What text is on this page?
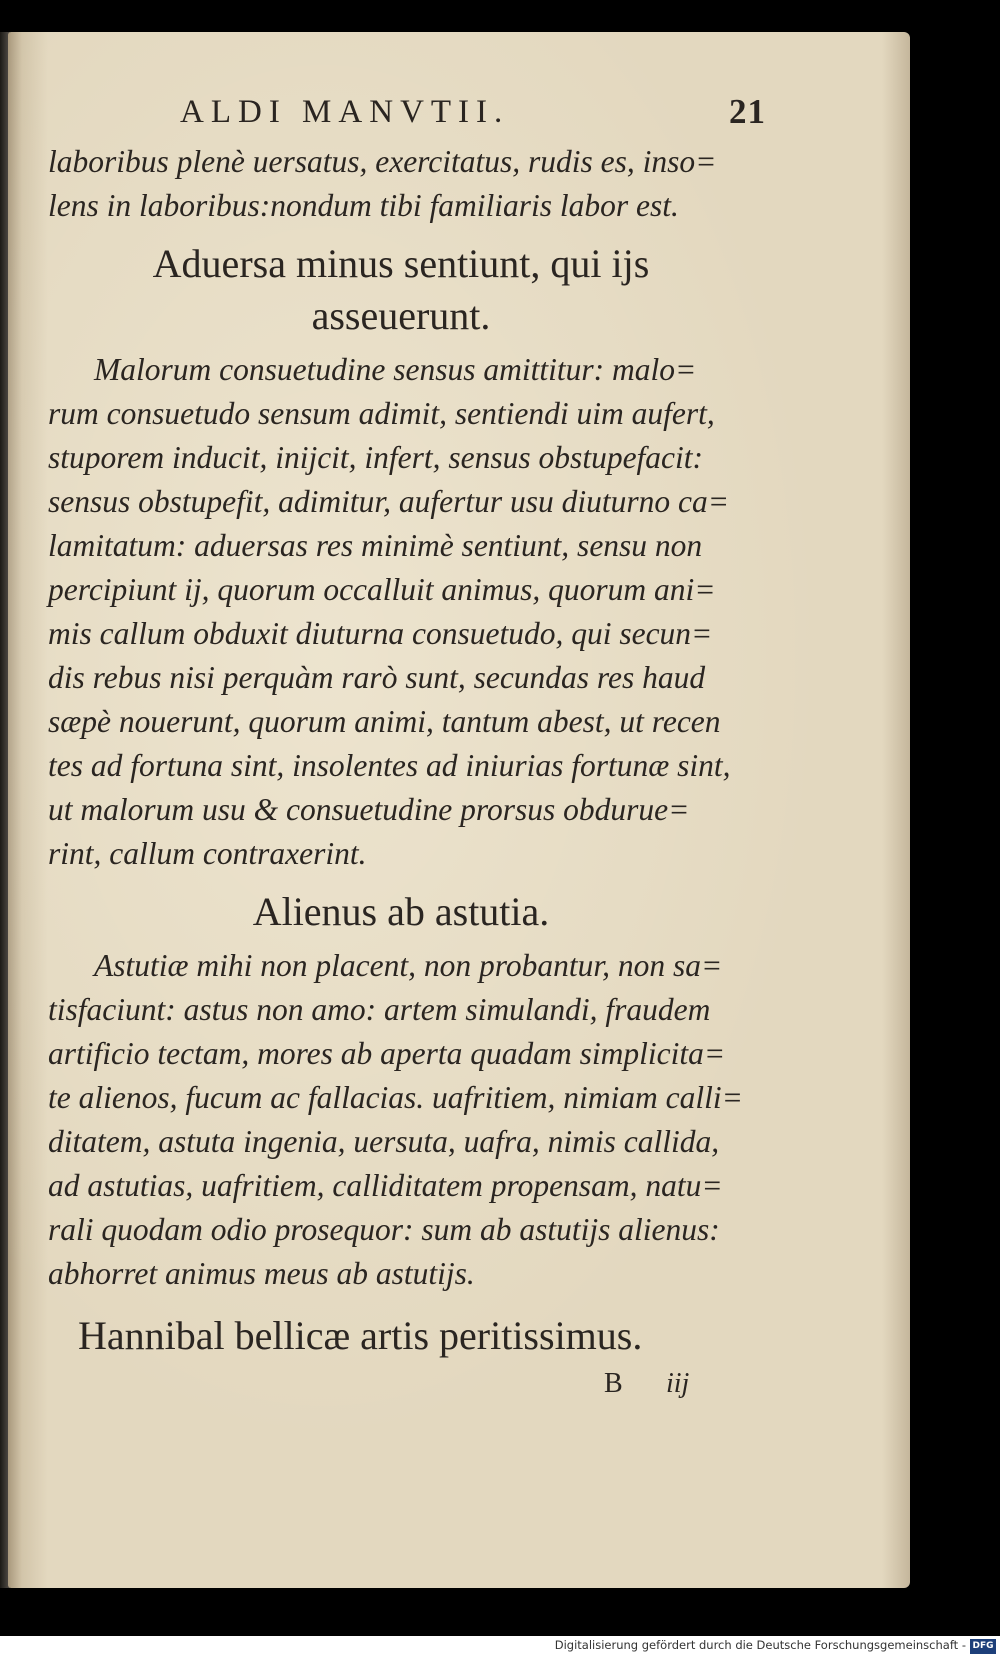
ALDI MANVTII.	21

laboribus plenè uersatus, exercitatus, rudis es, inso=
lens in laboribus:nondum tibi familiaris labor est.

Aduersa minus sentiunt, qui ijs
asseuerunt.

Malorum consuetudine sensus amittitur: malo=
rum consuetudo sensum adimit, sentiendi uim aufert,
stuporem inducit, inijcit, infert, sensus obstupefacit:
sensus obstupefit, adimitur, aufertur usu diuturno ca=
lamitatum: aduersas res minimè sentiunt, sensu non
percipiunt ij, quorum occalluit animus, quorum ani=
mis callum obduxit diuturna consuetudo, qui secun=
dis rebus nisi perquàm rarò sunt, secundas res haud
sæpè nouerunt, quorum animi, tantum abest, ut recen
tes ad fortuna sint, insolentes ad iniurias fortunæ sint,
ut malorum usu & consuetudine prorsus obdurue=
rint, callum contraxerint.

Alienus ab astutia.

Astutiæ mihi non placent, non probantur, non sa=
tisfaciunt: astus non amo: artem simulandi, fraudem
artificio tectam, mores ab aperta quadam simplicita=
te alienos, fucum ac fallacias. uafritiem, nimiam calli=
ditatem, astuta ingenia, uersuta, uafra, nimis callida,
ad astutias, uafritiem, calliditatem propensam, natu=
rali quodam odio prosequor: sum ab astutijs alienus:
abhorret animus meus ab astutijs.

Hannibal bellicæ artis peritissimus.
B iij
Digitalisierung gefördert durch die Deutsche Forschungsgemeinschaft - DFG
